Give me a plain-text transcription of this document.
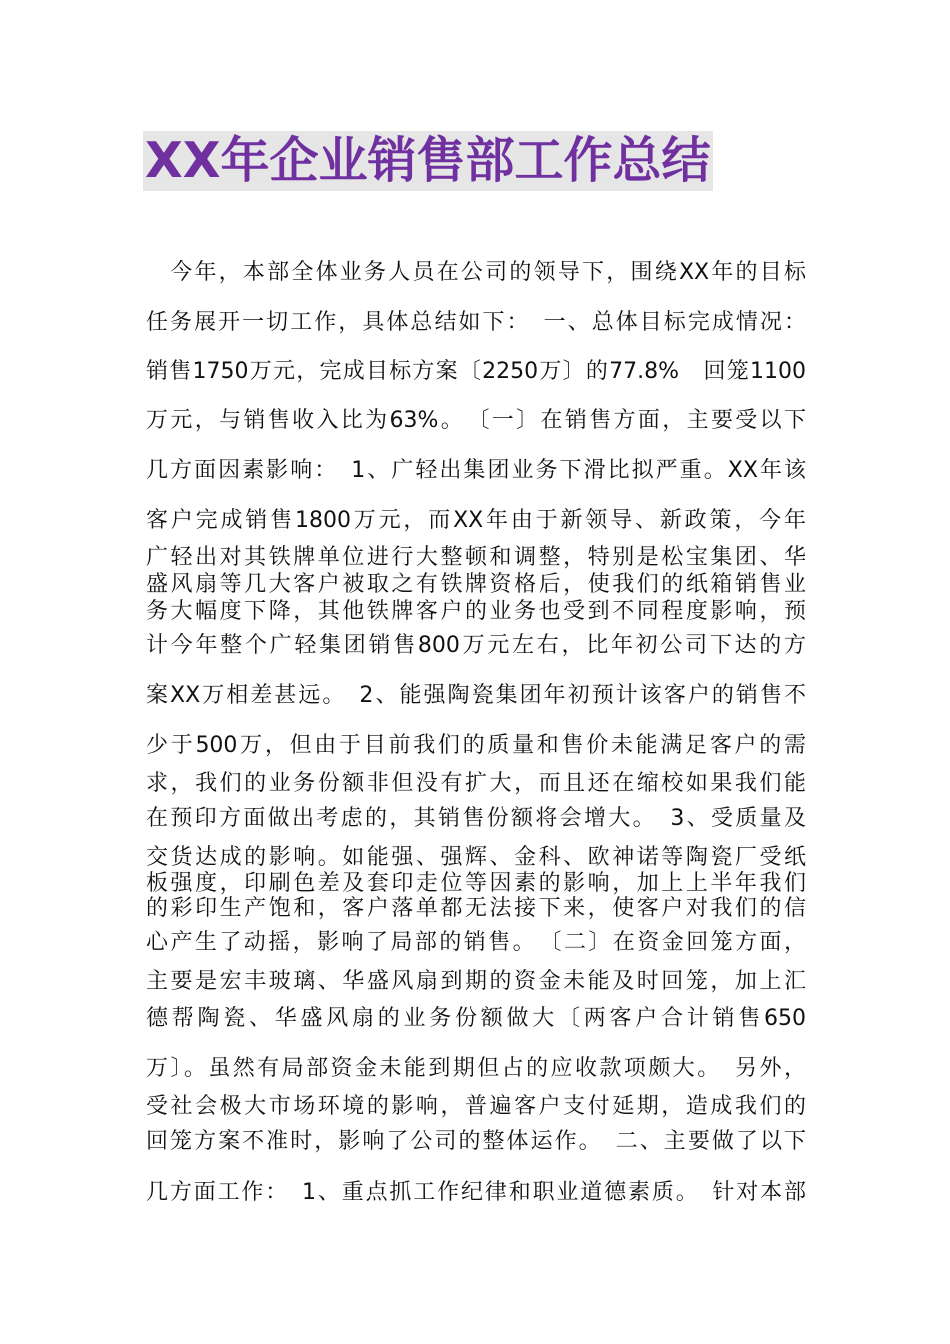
XX年企业销售部工作总结
　今年，本部全体业务人员在公司的领导下，围绕XX年的目标
任务展开一切工作，具体总结如下：　一、总体目标完成情况：
销售1750万元，完成目标方案〔2250万〕的77.8%　回笼1100
万元，与销售收入比为63%。　〔一〕在销售方面，主要受以下
几方面因素影响：　1、广轻出集团业务下滑比拟严重。XX年该
客户完成销售1800万元，而XX年由于新领导、新政策，今年
广轻出对其铁牌单位进行大整顿和调整，特别是松宝集团、华
盛风扇等几大客户被取之有铁牌资格后，使我们的纸箱销售业
务大幅度下降，其他铁牌客户的业务也受到不同程度影响，预
计今年整个广轻集团销售800万元左右，比年初公司下达的方
案XX万相差甚远。　2、能强陶瓷集团年初预计该客户的销售不
少于500万，但由于目前我们的质量和售价未能满足客户的需
求，我们的业务份额非但没有扩大，而且还在缩校如果我们能
在预印方面做出考虑的，其销售份额将会增大。　3、受质量及
交货达成的影响。如能强、强辉、金科、欧神诺等陶瓷厂受纸
板强度，印刷色差及套印走位等因素的影响，加上上半年我们
的彩印生产饱和，客户落单都无法接下来，使客户对我们的信
心产生了动摇，影响了局部的销售。　〔二〕在资金回笼方面，
主要是宏丰玻璃、华盛风扇到期的资金未能及时回笼，加上汇
德帮陶瓷、华盛风扇的业务份额做大〔两客户合计销售650
万〕。虽然有局部资金未能到期但占的应收款项颇大。　另外，
受社会极大市场环境的影响，普遍客户支付延期，造成我们的
回笼方案不准时，影响了公司的整体运作。　二、主要做了以下
几方面工作：　1、重点抓工作纪律和职业道德素质。　针对本部
